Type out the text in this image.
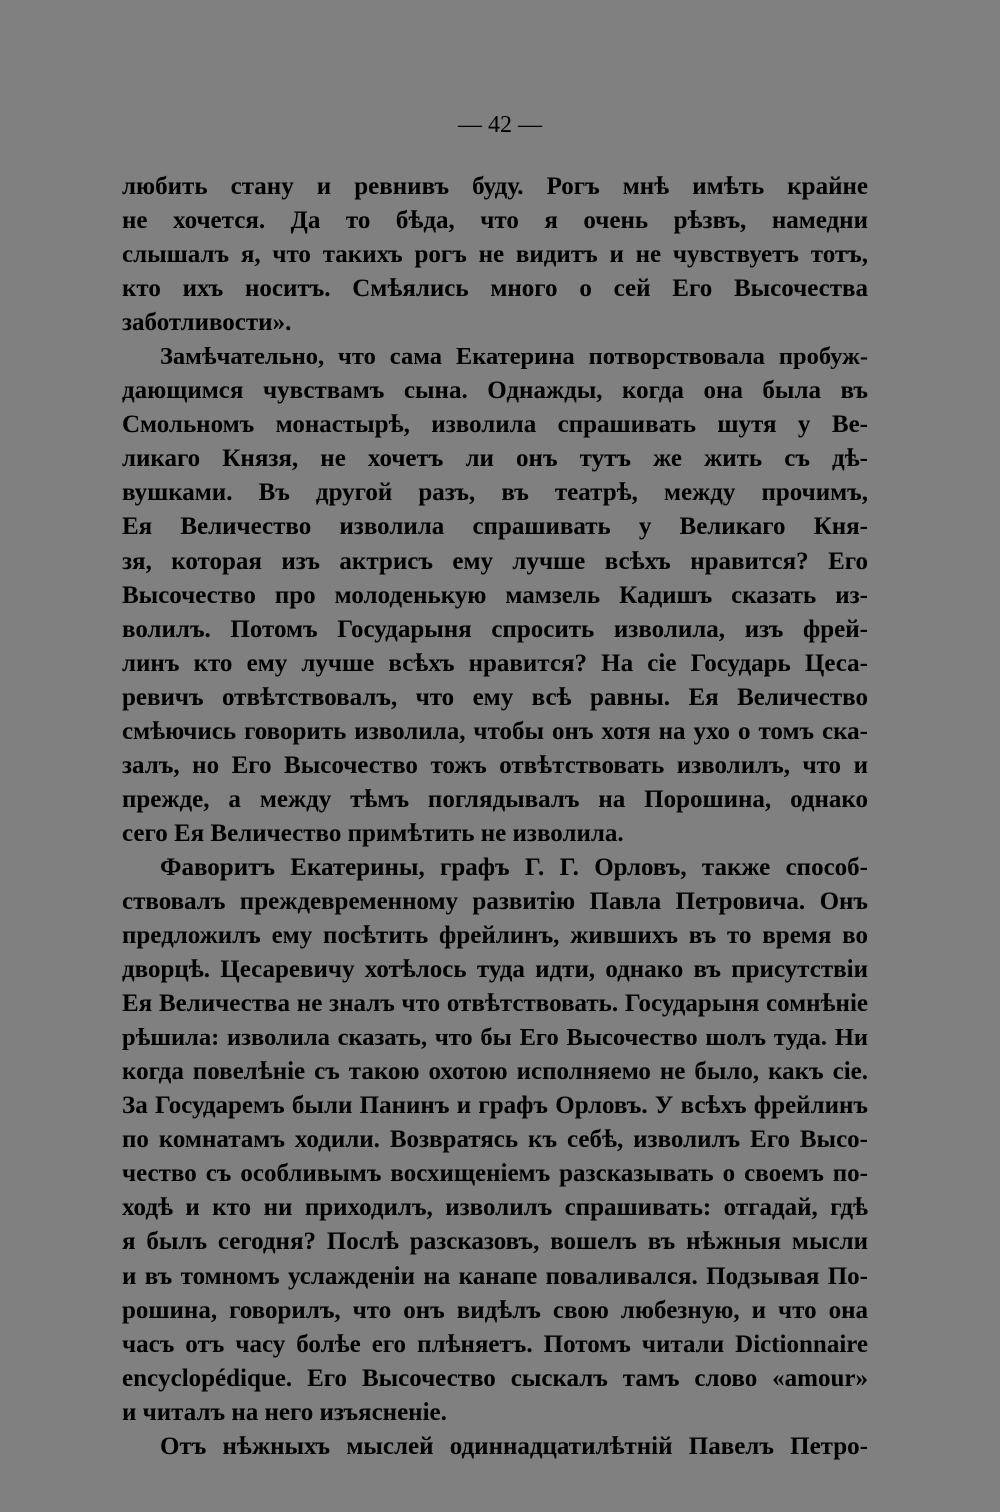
— 42 —
любить стану и ревнивъ буду. Рогъ мнѣ имѣть крайне
не хочется. Да то бѣда, что я очень рѣзвъ, намедни
слышалъ я, что такихъ рогъ не видитъ и не чувствуетъ тотъ,
кто ихъ носитъ. Смѣялись много о сей Его Высочества
заботливости».
Замѣчательно, что сама Екатерина потворствовала пробуж-
дающимся чувствамъ сына. Однажды, когда она была въ
Смольномъ монастырѣ, изволила спрашивать шутя у Ве-
ликаго Князя, не хочетъ ли онъ тутъ же жить съ дѣ-
вушками. Въ другой разъ, въ театрѣ, между прочимъ,
Ея Величество изволила спрашивать у Великаго Кня-
зя, которая изъ актрисъ ему лучше всѣхъ нравится? Его
Высочество про молоденькую мамзель Кадишъ сказать из-
волилъ. Потомъ Государыня спросить изволила, изъ фрей-
линъ кто ему лучше всѣхъ нравится? На сіе Государь Цеса-
ревичъ отвѣтствовалъ, что ему всѣ равны. Ея Величество
смѣючись говорить изволила, чтобы онъ хотя на ухо о томъ ска-
залъ, но Его Высочество тожъ отвѣтствовать изволилъ, что и
прежде, а между тѣмъ поглядывалъ на Порошина, однако
сего Ея Величество примѣтить не изволила.
Фаворитъ Екатерины, графъ Г. Г. Орловъ, также способ-
ствовалъ преждевременному развитію Павла Петровича. Онъ
предложилъ ему посѣтить фрейлинъ, жившихъ въ то время во
дворцѣ. Цесаревичу хотѣлось туда идти, однако въ присутствіи
Ея Величества не зналъ что отвѣтствовать. Государыня сомнѣніе
рѣшила: изволила сказать, что бы Его Высочество шолъ туда. Ни
когда повелѣніе съ такою охотою исполняемо не было, какъ сіе.
За Государемъ были Панинъ и графъ Орловъ. У всѣхъ фрейлинъ
по комнатамъ ходили. Возвратясь къ себѣ, изволилъ Его Высо-
чество съ особливымъ восхищеніемъ разсказывать о своемъ по-
ходѣ и кто ни приходилъ, изволилъ спрашивать: отгадай, гдѣ
я былъ сегодня? Послѣ разсказовъ, вошелъ въ нѣжныя мысли
и въ томномъ услажденіи на канапе поваливался. Подзывая По-
рошина, говорилъ, что онъ видѣлъ свою любезную, и что она
часъ отъ часу болѣе его плѣняетъ. Потомъ читали Dictionnaire
encyclopédique. Его Высочество сыскалъ тамъ слово «amour»
и читалъ на него изъясненіе.
Отъ нѣжныхъ мыслей одиннадцатилѣтній Павелъ Петро-
